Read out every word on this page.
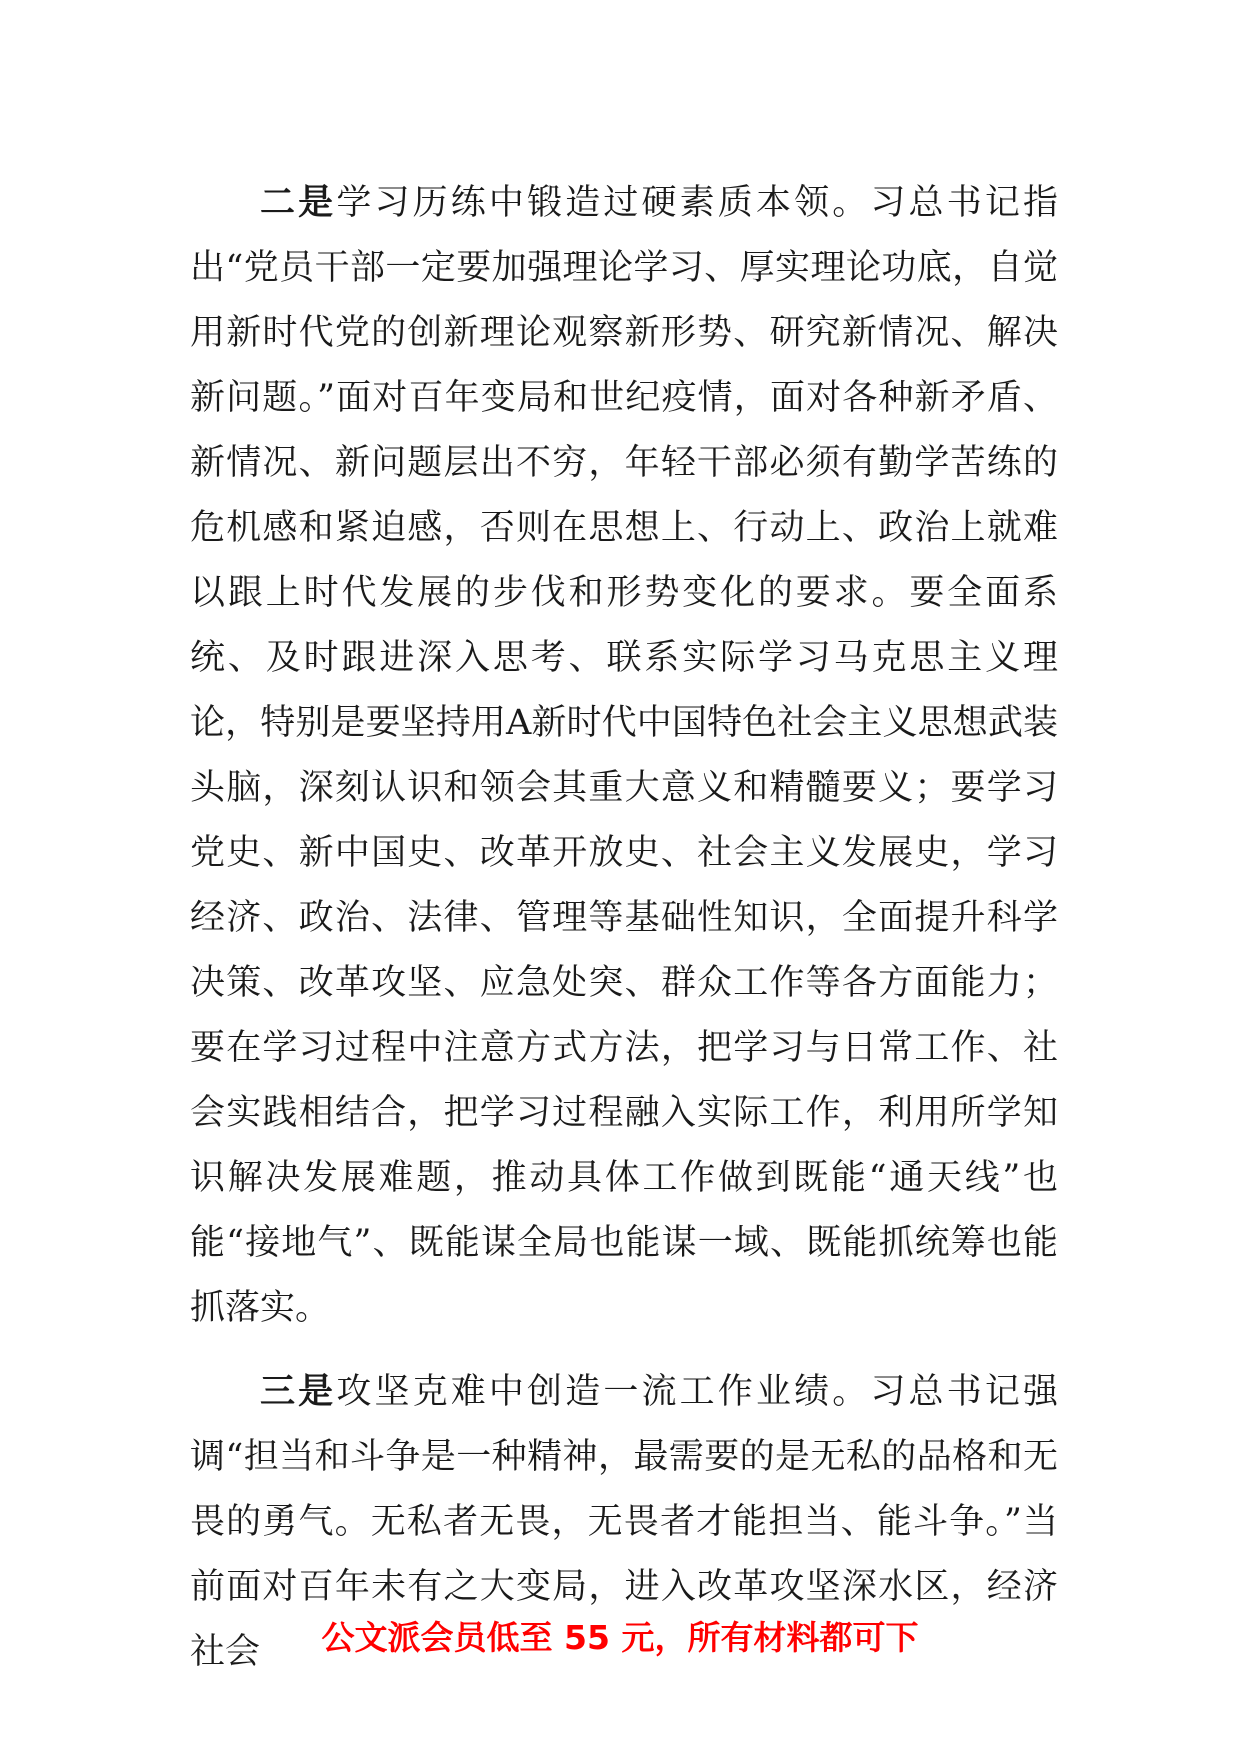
二是学习历练中锻造过硬素质本领。习总书记指出“党员干部一定要加强理论学习、厚实理论功底，自觉用新时代党的创新理论观察新形势、研究新情况、解决新问题。”面对百年变局和世纪疫情，面对各种新矛盾、新情况、新问题层出不穷，年轻干部必须有勤学苦练的危机感和紧迫感，否则在思想上、行动上、政治上就难以跟上时代发展的步伐和形势变化的要求。要全面系统、及时跟进深入思考、联系实际学习马克思主义理论，特别是要坚持用A新时代中国特色社会主义思想武装头脑，深刻认识和领会其重大意义和精髓要义；要学习党史、新中国史、改革开放史、社会主义发展史，学习经济、政治、法律、管理等基础性知识，全面提升科学决策、改革攻坚、应急处突、群众工作等各方面能力；要在学习过程中注意方式方法，把学习与日常工作、社会实践相结合，把学习过程融入实际工作，利用所学知识解决发展难题，推动具体工作做到既能“通天线”也能“接地气”、既能谋全局也能谋一域、既能抓统筹也能抓落实。

三是攻坚克难中创造一流工作业绩。习总书记强调“担当和斗争是一种精神，最需要的是无私的品格和无畏的勇气。无私者无畏，无畏者才能担当、能斗争。”当前面对百年未有之大变局，进入改革攻坚深水区，经济社会	公文派会员低至 55 元，所有材料都可下
